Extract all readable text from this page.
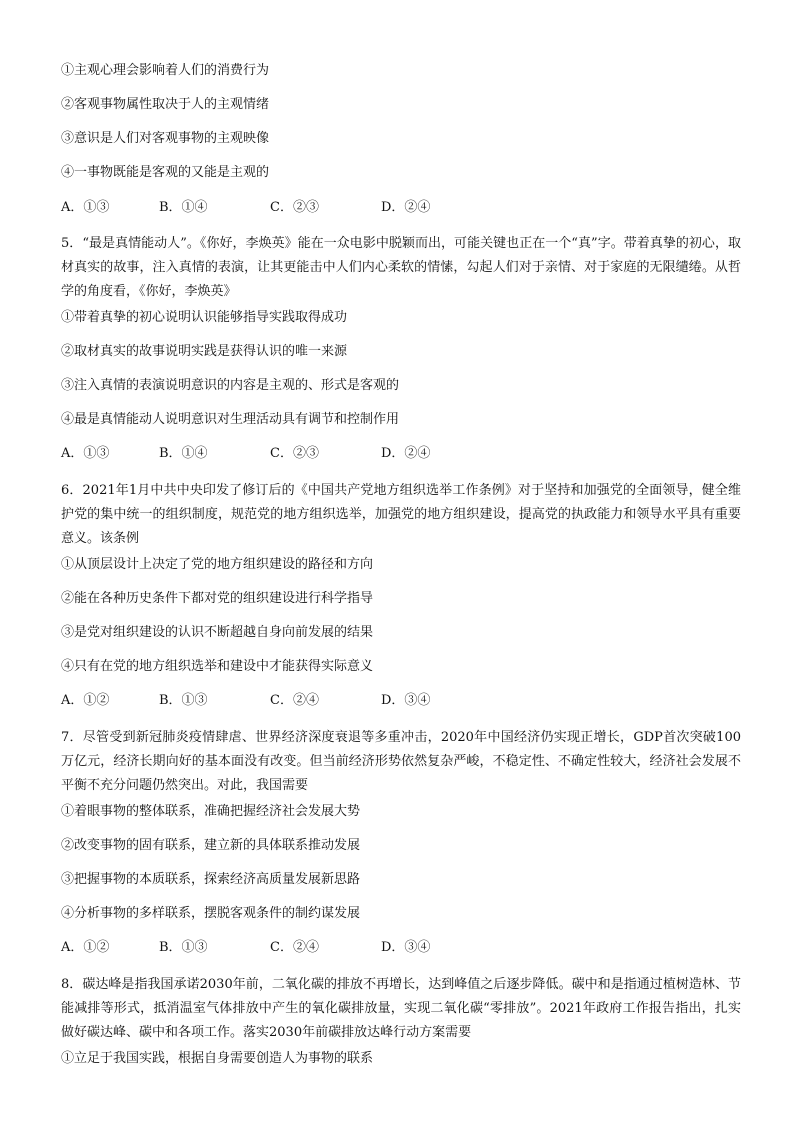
①主观心理会影响着人们的消费行为
②客观事物属性取决于人的主观情绪
③意识是人们对客观事物的主观映像
④一事物既能是客观的又能是主观的
A．①③	B．①④	C．②③	D．②④
5．“最是真情能动人”。《你好，李焕英》能在一众电影中脱颖而出，可能关键也正在一个“真”字。带着真挚的初心，取材真实的故事，注入真情的表演，让其更能击中人们内心柔软的情愫，勾起人们对于亲情、对于家庭的无限缱绻。从哲学的角度看，《你好，李焕英》
①带着真挚的初心说明认识能够指导实践取得成功
②取材真实的故事说明实践是获得认识的唯一来源
③注入真情的表演说明意识的内容是主观的、形式是客观的
④最是真情能动人说明意识对生理活动具有调节和控制作用
A．①③	B．①④	C．②③	D．②④
6．2021年1月中共中央印发了修订后的《中国共产党地方组织选举工作条例》对于坚持和加强党的全面领导，健全维护党的集中统一的组织制度，规范党的地方组织选举，加强党的地方组织建设，提高党的执政能力和领导水平具有重要意义。该条例
①从顶层设计上决定了党的地方组织建设的路径和方向
②能在各种历史条件下都对党的组织建设进行科学指导
③是党对组织建设的认识不断超越自身向前发展的结果
④只有在党的地方组织选举和建设中才能获得实际意义
A．①②	B．①③	C．②④	D．③④
7．尽管受到新冠肺炎疫情肆虐、世界经济深度衰退等多重冲击，2020年中国经济仍实现正增长，GDP首次突破100万亿元，经济长期向好的基本面没有改变。但当前经济形势依然复杂严峻，不稳定性、不确定性较大，经济社会发展不平衡不充分问题仍然突出。对此，我国需要
①着眼事物的整体联系，准确把握经济社会发展大势
②改变事物的固有联系，建立新的具体联系推动发展
③把握事物的本质联系，探索经济高质量发展新思路
④分析事物的多样联系，摆脱客观条件的制约谋发展
A．①②	B．①③	C．②④	D．③④
8．碳达峰是指我国承诺2030年前，二氧化碳的排放不再增长，达到峰值之后逐步降低。碳中和是指通过植树造林、节能减排等形式，抵消温室气体排放中产生的氧化碳排放量，实现二氧化碳“零排放”。2021年政府工作报告指出，扎实做好碳达峰、碳中和各项工作。落实2030年前碳排放达峰行动方案需要
①立足于我国实践，根据自身需要创造人为事物的联系
